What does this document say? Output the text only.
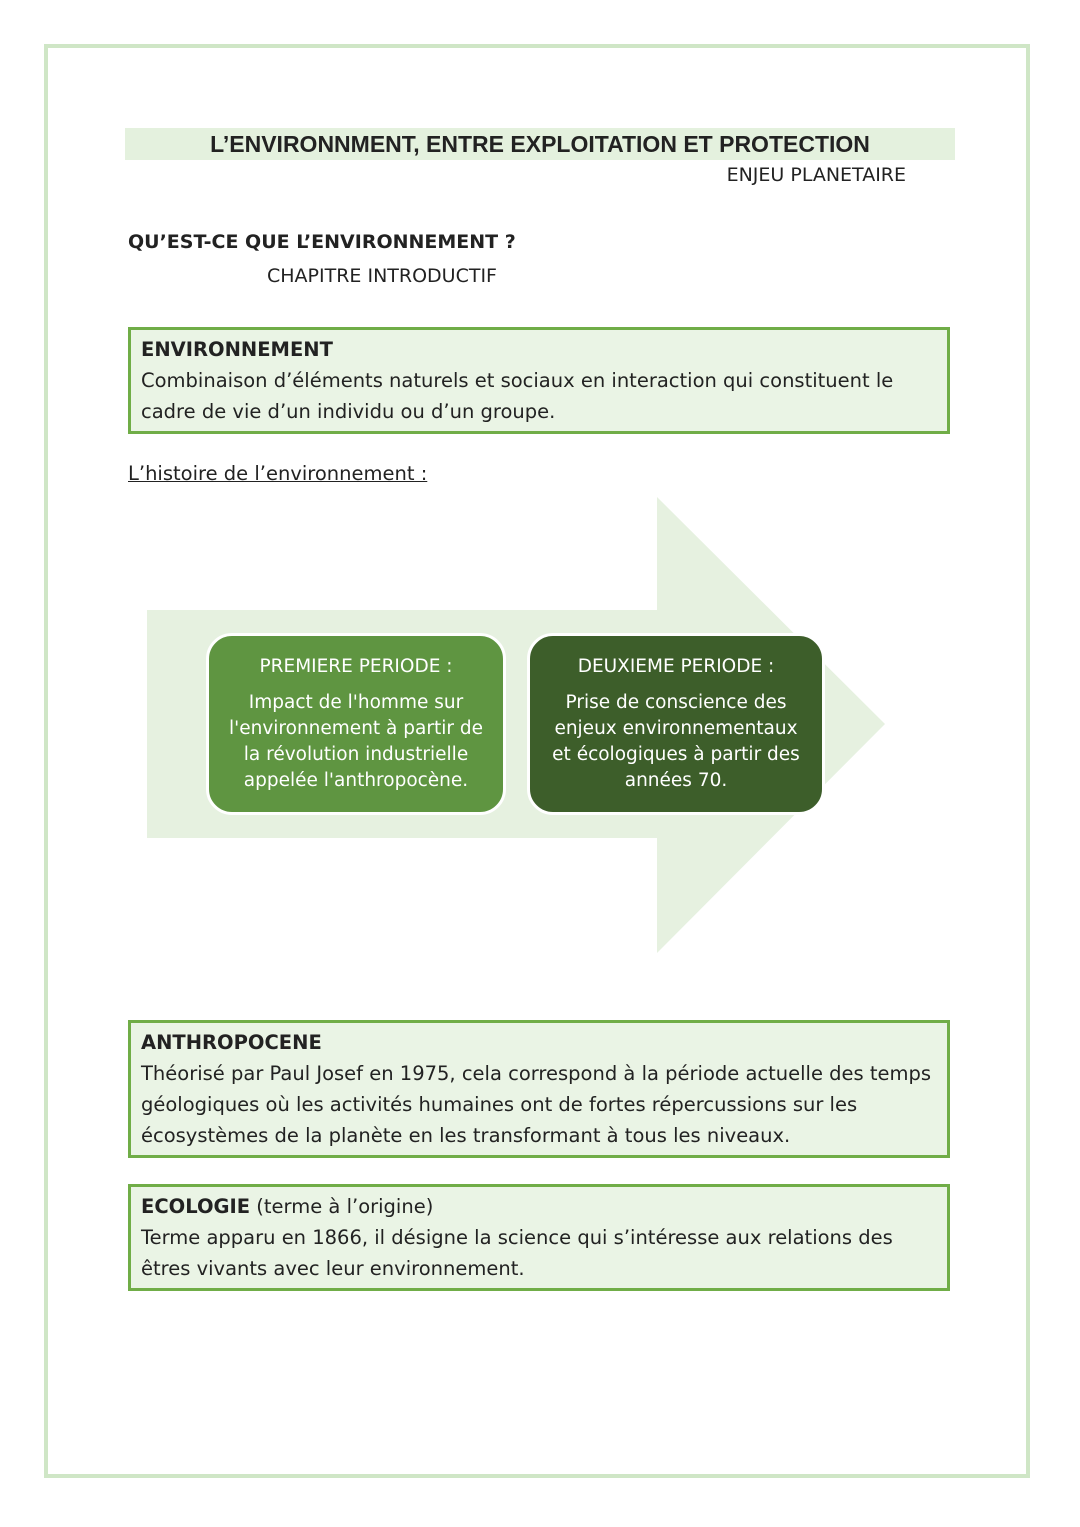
L’ENVIRONNMENT, ENTRE EXPLOITATION ET PROTECTION
ENJEU PLANETAIRE
QU’EST-CE QUE L’ENVIRONNEMENT ?
CHAPITRE INTRODUCTIF
ENVIRONNEMENT
Combinaison d’éléments naturels et sociaux en interaction qui constituent le cadre de vie d’un individu ou d’un groupe.
L’histoire de l’environnement :
PREMIERE PERIODE :
Impact de l'homme sur l'environnement à partir de la révolution industrielle appelée l'anthropocène.
DEUXIEME PERIODE :
Prise de conscience des enjeux environnementaux et écologiques à partir des années 70.
ANTHROPOCENE
Théorisé par Paul Josef en 1975, cela correspond à la période actuelle des temps géologiques où les activités humaines ont de fortes répercussions sur les écosystèmes de la planète en les transformant à tous les niveaux.
ECOLOGIE (terme à l’origine)
Terme apparu en 1866, il désigne la science qui s’intéresse aux relations des êtres vivants avec leur environnement.
